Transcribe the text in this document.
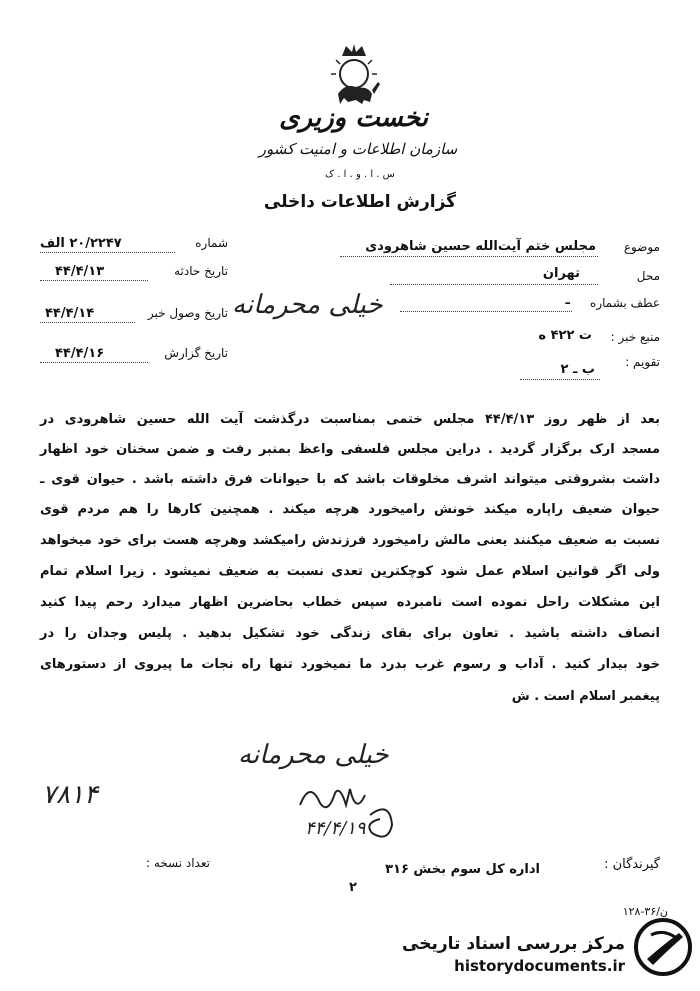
نخست وزیری
سازمان اطلاعات و امنیت کشور
س . ا . و . ا . ک
گزارش اطلاعات داخلی
موضوع
مجلس ختم آیت‌الله حسین شاهرودی
محل
تهران
عطف بشماره
ـ
منبع خبر :
ت ۴۲۲ ه
تقویم :
ب ـ ۲
شماره
۲۰/۲۲۴۷ الف
تاریخ حادثه
۴۴/۴/۱۳
تاریخ وصول خبر
۴۴/۴/۱۴
تاریخ گزارش
۴۴/۴/۱۶
خیلی محرمانه
بعد از ظهر روز ۴۴/۴/۱۳ مجلس ختمی بمناسبت درگذشت آیت الله حسین شاهرودی در
مسجد ارک برگزار گردید . دراین مجلس فلسفی واعظ بمنبر رفت و ضمن سخنان خود اظهار
داشت بشروقتی میتواند اشرف مخلوقات باشد که با حیوانات فرق داشته باشد . حیوان قوی ـ
حیوان ضعیف راپاره میکند خونش رامیخورد هرچه میکند . همچنین کارها را هم مردم قوی
نسبت به ضعیف میکنند یعنی مالش رامیخورد فرزندش رامیکشد وهرچه هست برای خود میخواهد
ولی اگر قوانین اسلام عمل شود کوچکترین تعدی نسبت به ضعیف نمیشود . زیرا اسلام تمام
این مشکلات راحل نموده است نامبرده سپس خطاب بحاضرین اظهار میدارد رحم پیدا کنید
انصاف داشته باشید . تعاون برای بقای زندگی خود تشکیل بدهید . پلیس وجدان را در
خود بیدار کنید . آداب و رسوم غرب بدرد ما نمیخورد تنها راه نجات ما پیروی از دستورهای
پیغمبر اسلام است . ش
خیلی محرمانه
۷۸۱۴
۴۴/۴/۱۹
گیرندگان :
اداره کل سوم بخش ۳۱۶
تعداد نسخه :
۲
۱۲۸-۳۶/ن
مرکز بررسی اسناد تاریخی
historydocuments.ir
